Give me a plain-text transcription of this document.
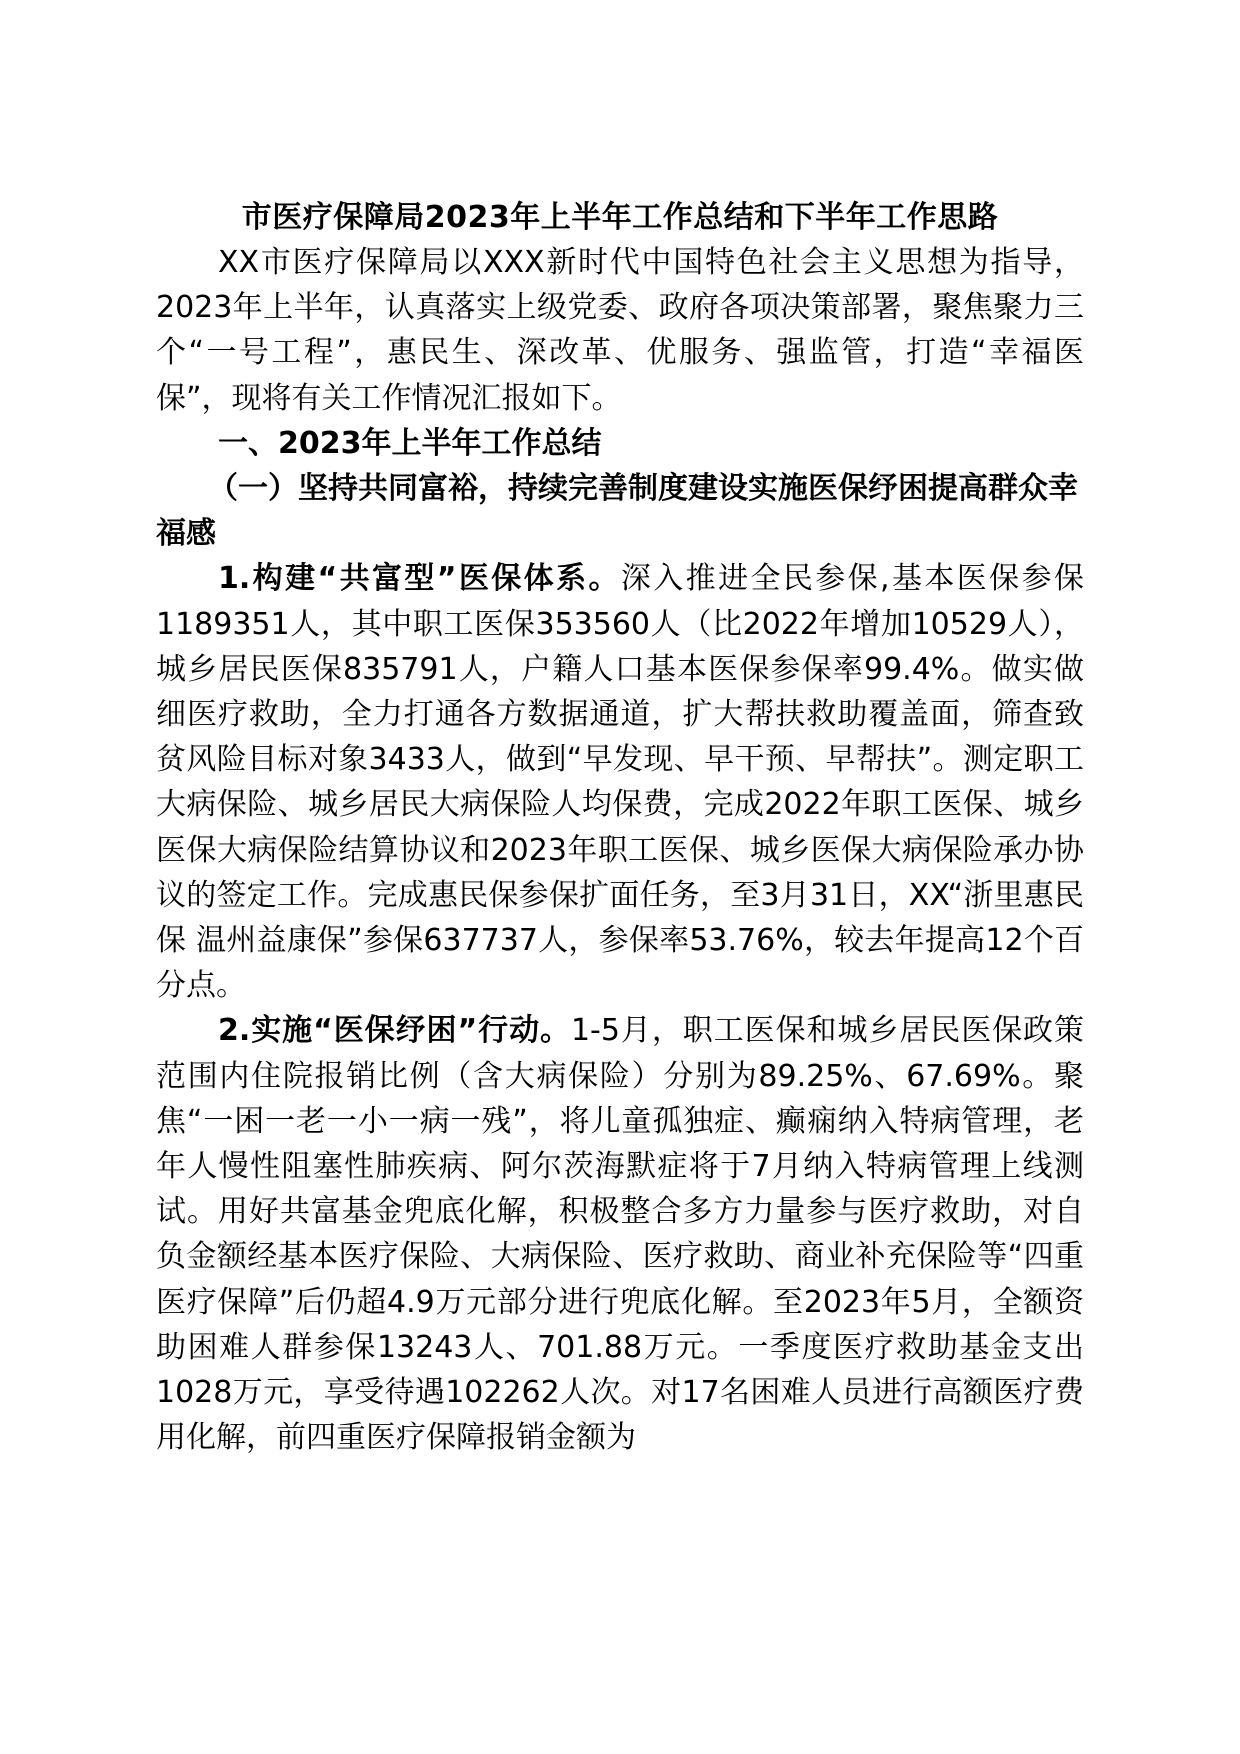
市医疗保障局2023年上半年工作总结和下半年工作思路

XX市医疗保障局以XXX新时代中国特色社会主义思想为指导，2023年上半年，认真落实上级党委、政府各项决策部署，聚焦聚力三个“一号工程”，惠民生、深改革、优服务、强监管，打造“幸福医保”，现将有关工作情况汇报如下。

一、2023年上半年工作总结

（一）坚持共同富裕，持续完善制度建设实施医保纾困提高群众幸福感

1.构建“共富型”医保体系。深入推进全民参保,基本医保参保1189351人，其中职工医保353560人（比2022年增加10529人），城乡居民医保835791人，户籍人口基本医保参保率99.4%。做实做细医疗救助，全力打通各方数据通道，扩大帮扶救助覆盖面，筛查致贫风险目标对象3433人，做到“早发现、早干预、早帮扶”。测定职工大病保险、城乡居民大病保险人均保费，完成2022年职工医保、城乡医保大病保险结算协议和2023年职工医保、城乡医保大病保险承办协议的签定工作。完成惠民保参保扩面任务，至3月31日，XX“浙里惠民保 温州益康保”参保637737人，参保率53.76%，较去年提高12个百分点。

2.实施“医保纾困”行动。1-5月，职工医保和城乡居民医保政策范围内住院报销比例（含大病保险）分别为89.25%、67.69%。聚焦“一困一老一小一病一残”，将儿童孤独症、癫痫纳入特病管理，老年人慢性阻塞性肺疾病、阿尔茨海默症将于7月纳入特病管理上线测试。用好共富基金兜底化解，积极整合多方力量参与医疗救助，对自负金额经基本医疗保险、大病保险、医疗救助、商业补充保险等“四重医疗保障”后仍超4.9万元部分进行兜底化解。至2023年5月，全额资助困难人群参保13243人、701.88万元。一季度医疗救助基金支出1028万元，享受待遇102262人次。对17名困难人员进行高额医疗费用化解，前四重医疗保障报销金额为
